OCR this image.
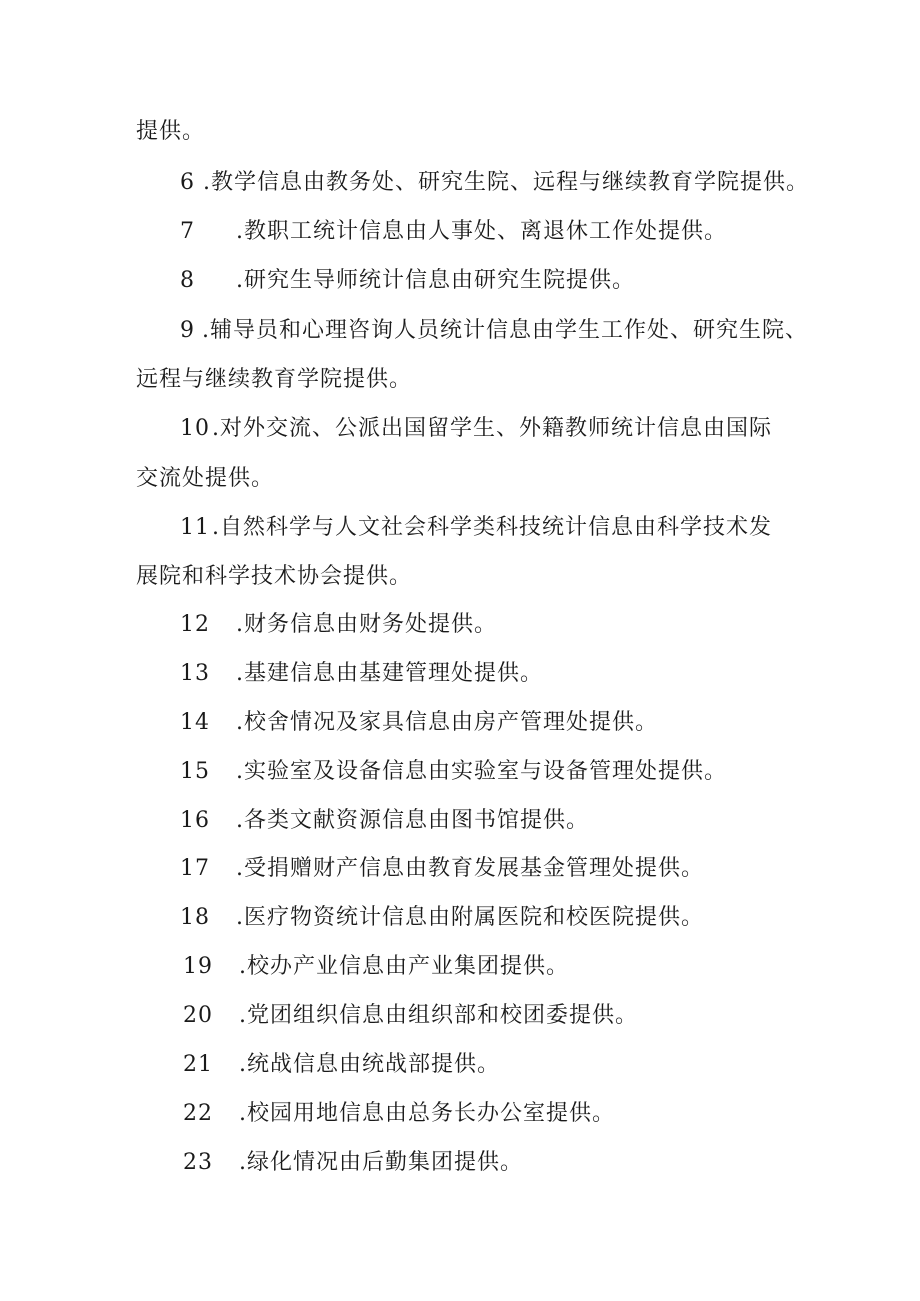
提供。
6 .教学信息由教务处、研究生院、远程与继续教育学院提供。
7 .教职工统计信息由人事处、离退休工作处提供。
8 .研究生导师统计信息由研究生院提供。
9 .辅导员和心理咨询人员统计信息由学生工作处、研究生院、
远程与继续教育学院提供。
10 .对外交流、公派出国留学生、外籍教师统计信息由国际
交流处提供。
11 .自然科学与人文社会科学类科技统计信息由科学技术发
展院和科学技术协会提供。
12 .财务信息由财务处提供。
13 .基建信息由基建管理处提供。
14 .校舍情况及家具信息由房产管理处提供。
15 .实验室及设备信息由实验室与设备管理处提供。
16 .各类文献资源信息由图书馆提供。
17 .受捐赠财产信息由教育发展基金管理处提供。
18 .医疗物资统计信息由附属医院和校医院提供。
19 .校办产业信息由产业集团提供。
20 .党团组织信息由组织部和校团委提供。
21 .统战信息由统战部提供。
22 .校园用地信息由总务长办公室提供。
23 .绿化情况由后勤集团提供。
